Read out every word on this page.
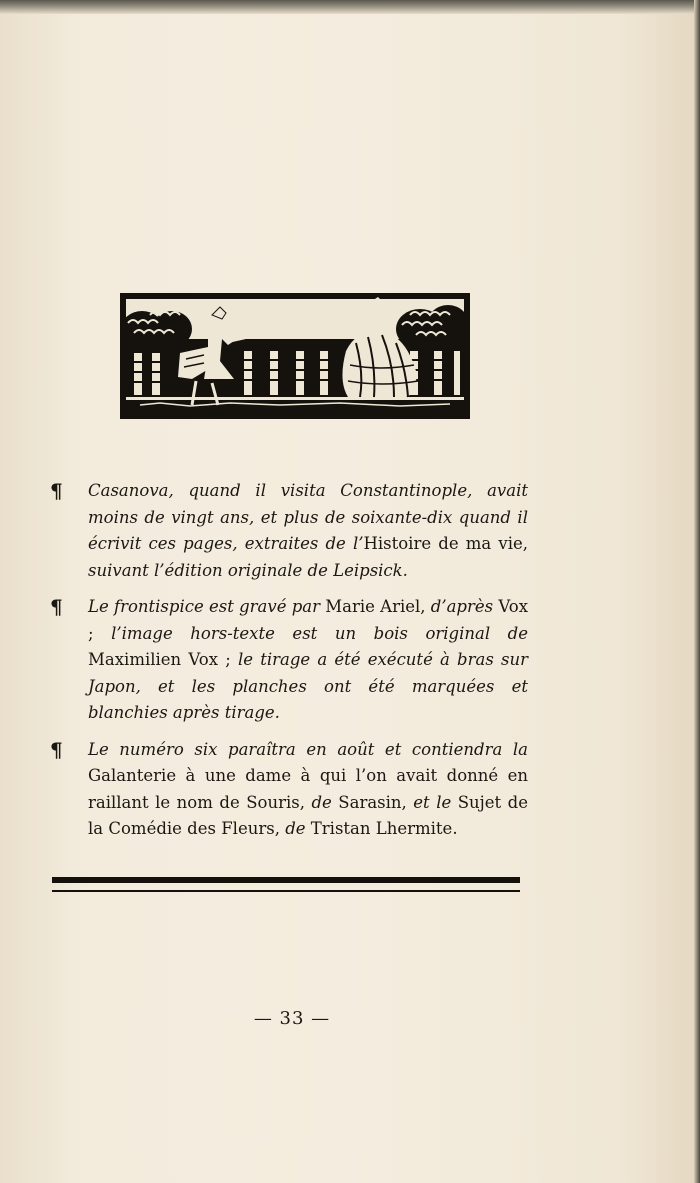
¶ Casanova, quand il visita Constantinople, avait moins de vingt ans, et plus de soixante-dix quand il écrivit ces pages, extraites de l’Histoire de ma vie, suivant l’édition originale de Leipsick.

¶ Le frontispice est gravé par Marie Ariel, d’après Vox ; l’image hors-texte est un bois original de Maximilien Vox ; le tirage a été exécuté à bras sur Japon, et les planches ont été marquées et blanchies après tirage.

¶ Le numéro six paraîtra en août et contiendra la Galanterie à une dame à qui l’on avait donné en raillant le nom de Souris, de Sarasin, et le Sujet de la Comédie des Fleurs, de Tristan Lhermite.

— 33 —
